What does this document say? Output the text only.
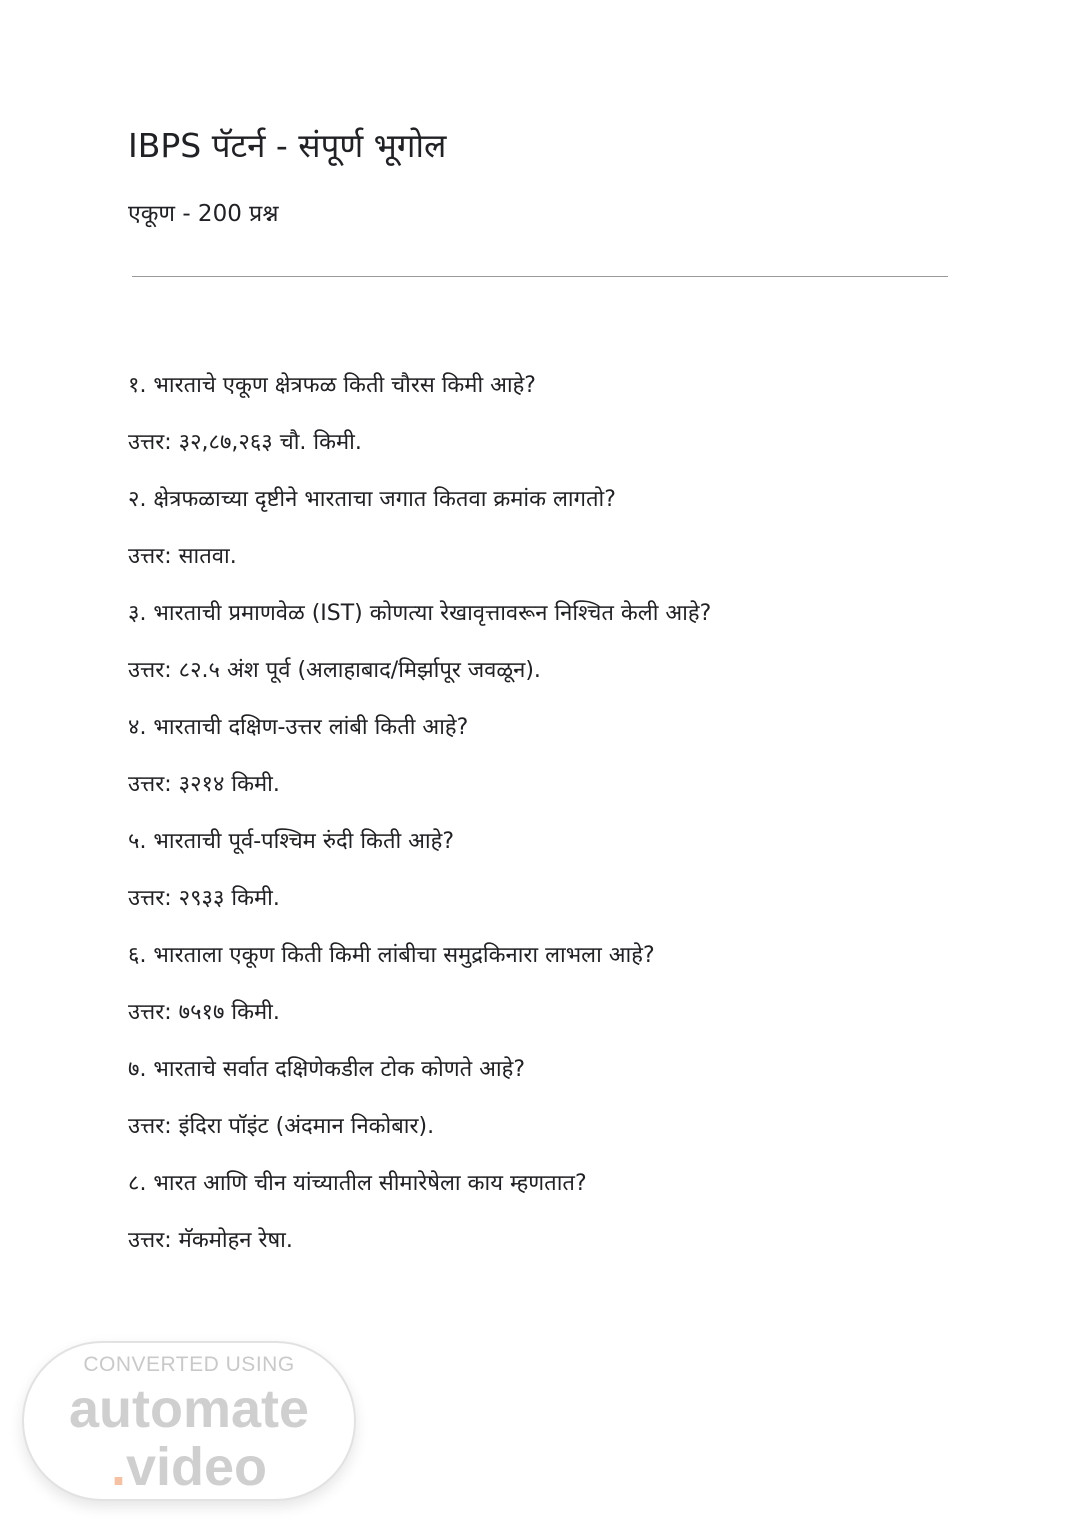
IBPS पॅटर्न - संपूर्ण भूगोल
एकूण - 200 प्रश्न
१. भारताचे एकूण क्षेत्रफळ किती चौरस किमी आहे?
उत्तर: ३२,८७,२६३ चौ. किमी.
२. क्षेत्रफळाच्या दृष्टीने भारताचा जगात कितवा क्रमांक लागतो?
उत्तर: सातवा.
३. भारताची प्रमाणवेळ (IST) कोणत्या रेखावृत्तावरून निश्चित केली आहे?
उत्तर: ८२.५ अंश पूर्व (अलाहाबाद/मिर्झापूर जवळून).
४. भारताची दक्षिण-उत्तर लांबी किती आहे?
उत्तर: ३२१४ किमी.
५. भारताची पूर्व-पश्चिम रुंदी किती आहे?
उत्तर: २९३३ किमी.
६. भारताला एकूण किती किमी लांबीचा समुद्रकिनारा लाभला आहे?
उत्तर: ७५१७ किमी.
७. भारताचे सर्वात दक्षिणेकडील टोक कोणते आहे?
उत्तर: इंदिरा पॉइंट (अंदमान निकोबार).
८. भारत आणि चीन यांच्यातील सीमारेषेला काय म्हणतात?
उत्तर: मॅकमोहन रेषा.
CONVERTED USING
automate
.video
